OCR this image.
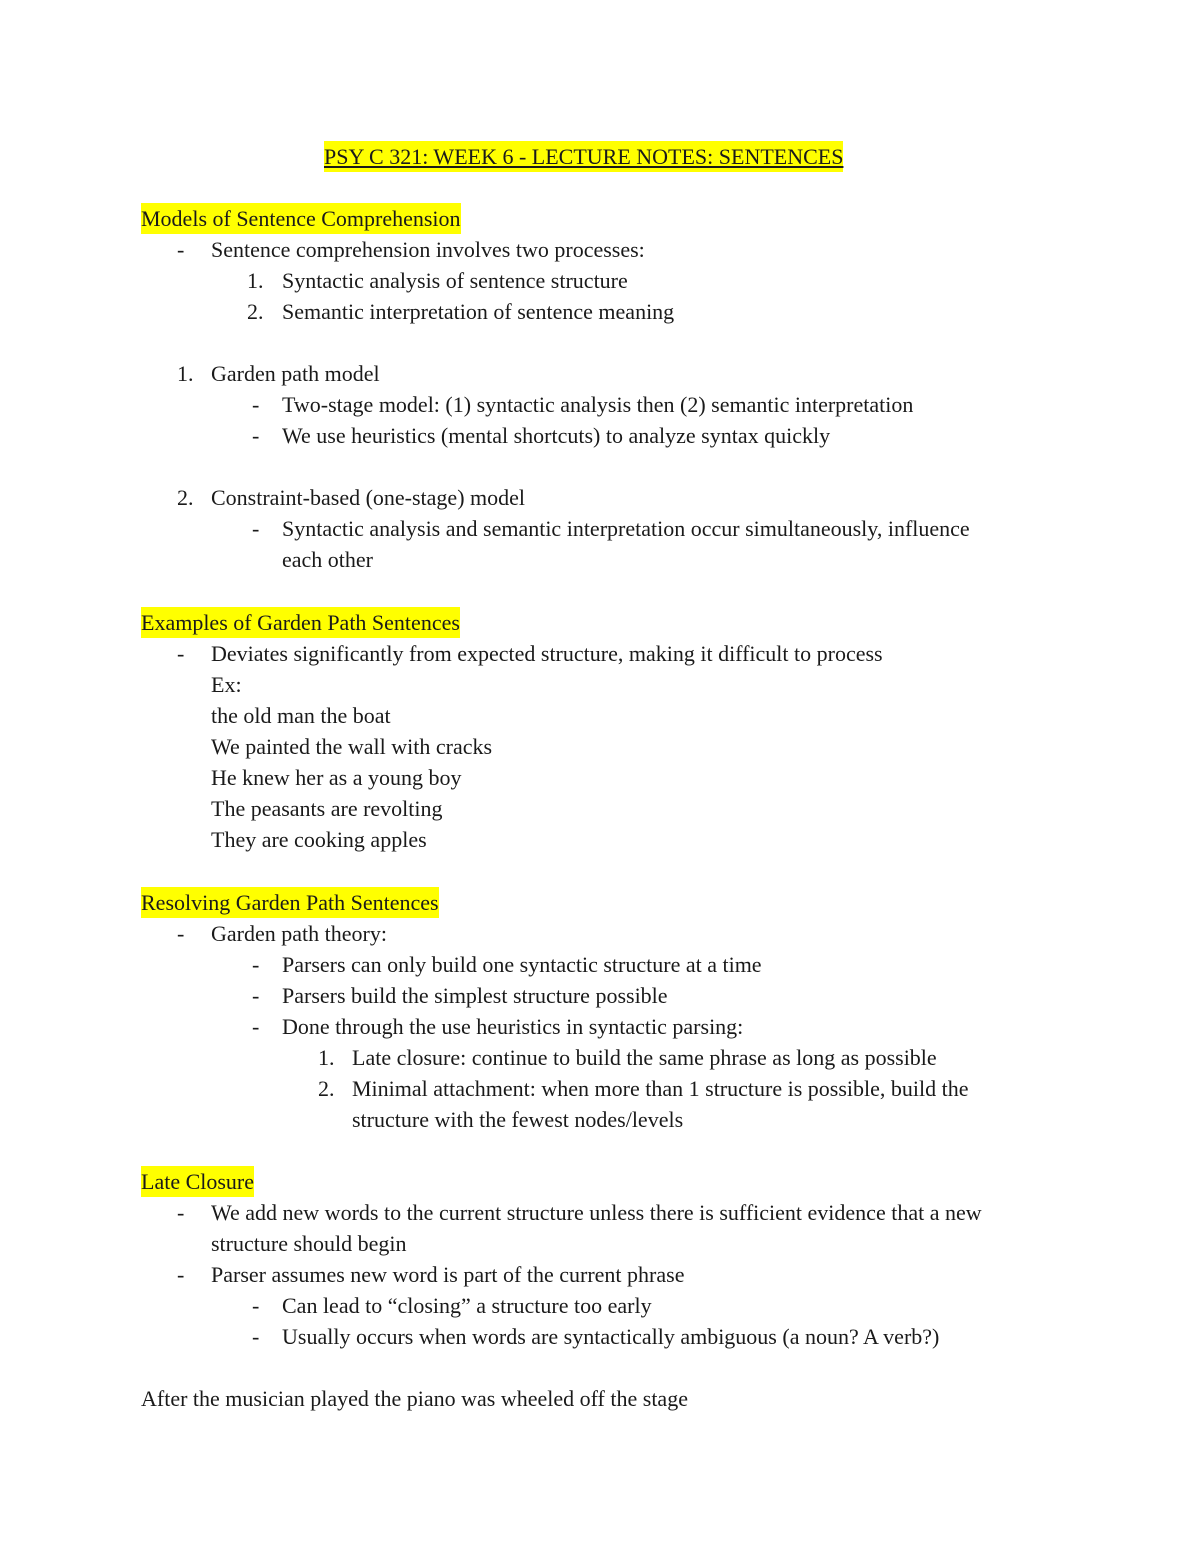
PSY C 321: WEEK 6 - LECTURE NOTES: SENTENCES
Models of Sentence Comprehension
- Sentence comprehension involves two processes:
1. Syntactic analysis of sentence structure
2. Semantic interpretation of sentence meaning
1. Garden path model
- Two-stage model: (1) syntactic analysis then (2) semantic interpretation
- We use heuristics (mental shortcuts) to analyze syntax quickly
2. Constraint-based (one-stage) model
- Syntactic analysis and semantic interpretation occur simultaneously, influence
each other
Examples of Garden Path Sentences
- Deviates significantly from expected structure, making it difficult to process
Ex:
the old man the boat
We painted the wall with cracks
He knew her as a young boy
The peasants are revolting
They are cooking apples
Resolving Garden Path Sentences
- Garden path theory:
- Parsers can only build one syntactic structure at a time
- Parsers build the simplest structure possible
- Done through the use heuristics in syntactic parsing:
1. Late closure: continue to build the same phrase as long as possible
2. Minimal attachment: when more than 1 structure is possible, build the
structure with the fewest nodes/levels
Late Closure
- We add new words to the current structure unless there is sufficient evidence that a new
structure should begin
- Parser assumes new word is part of the current phrase
- Can lead to “closing” a structure too early
- Usually occurs when words are syntactically ambiguous (a noun? A verb?)
After the musician played the piano was wheeled off the stage
